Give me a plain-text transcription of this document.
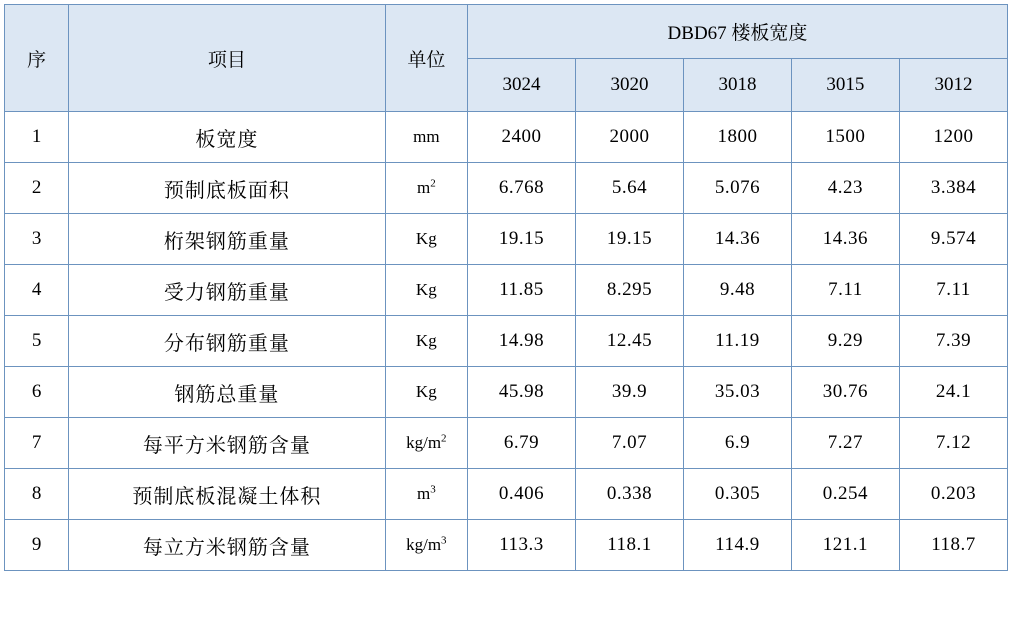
序	项目	单位	DBD67 楼板宽度				
			3024	3020	3018	3015	3012
1	板宽度	mm	2400	2000	1800	1500	1200
2	预制底板面积	$m^2$	6.768	5.64	5.076	4.23	3.384
3	桁架钢筋重量	Kg	19.15	19.15	14.36	14.36	9.574
4	受力钢筋重量	Kg	11.85	8.295	9.48	7.11	7.11
5	分布钢筋重量	Kg	14.98	12.45	11.19	9.29	7.39
6	钢筋总重量	Kg	45.98	39.9	35.03	30.76	24.1
7	每平方米钢筋含量	$kg/m^2$	6.79	7.07	6.9	7.27	7.12
8	预制底板混凝土体积	$m^3$	0.406	0.338	0.305	0.254	0.203
9	每立方米钢筋含量	$kg/m^3$	113.3	118.1	114.9	121.1	118.7
